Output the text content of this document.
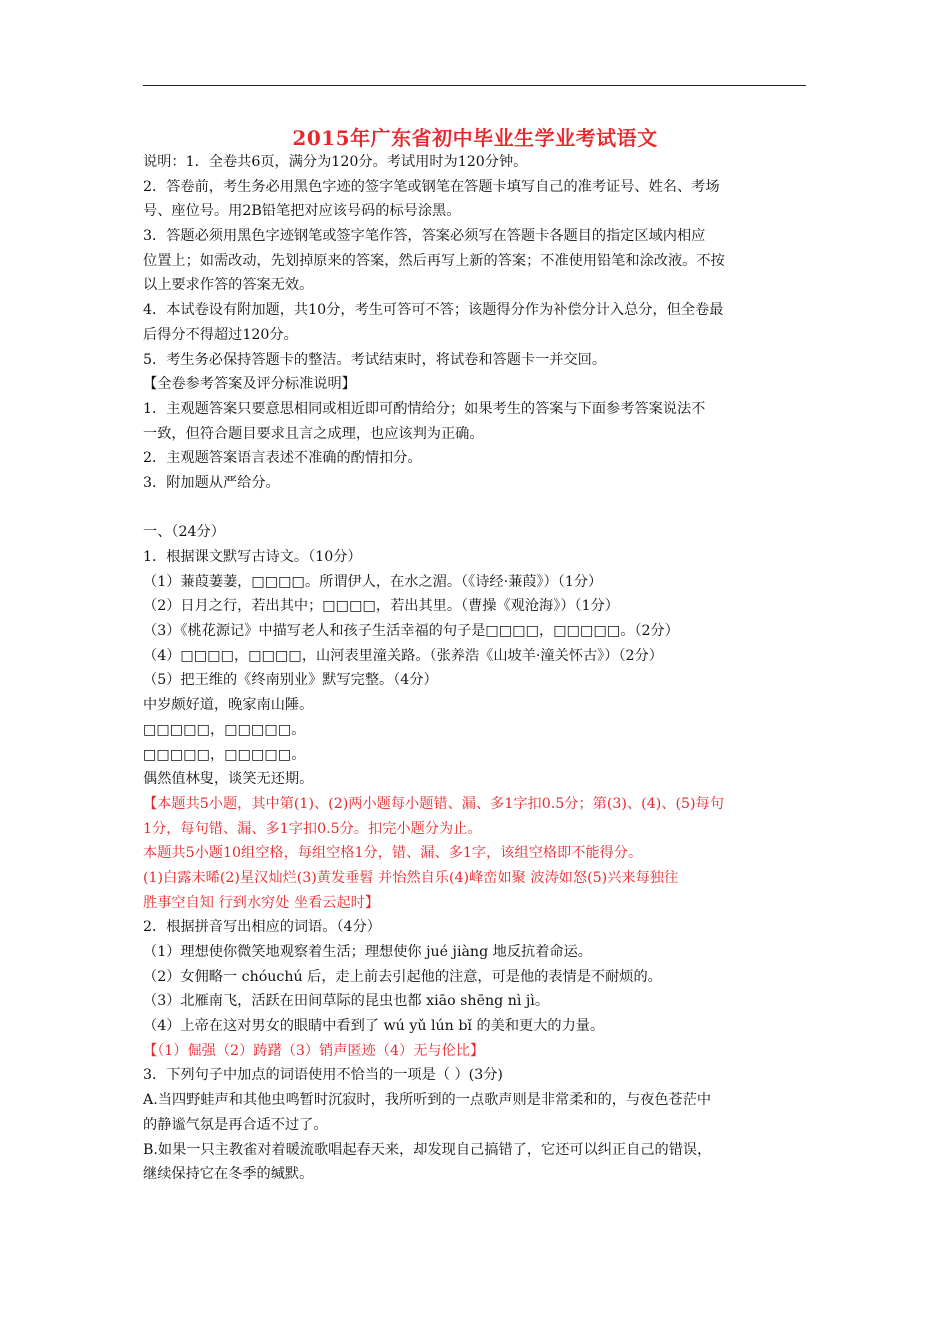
2015年广东省初中毕业生学业考试语文
说明：1．全卷共6页，满分为120分。考试用时为120分钟。
2．答卷前，考生务必用黑色字迹的签字笔或钢笔在答题卡填写自己的准考证号、姓名、考场
号、座位号。用2B铅笔把对应该号码的标号涂黑。
3．答题必须用黑色字迹钢笔或签字笔作答，答案必须写在答题卡各题目的指定区域内相应
位置上；如需改动，先划掉原来的答案，然后再写上新的答案；不准使用铅笔和涂改液。不按
以上要求作答的答案无效。
4．本试卷设有附加题，共10分，考生可答可不答；该题得分作为补偿分计入总分，但全卷最
后得分不得超过120分。
5．考生务必保持答题卡的整洁。考试结束时，将试卷和答题卡一并交回。
【全卷参考答案及评分标准说明】
1．主观题答案只要意思相同或相近即可酌情给分；如果考生的答案与下面参考答案说法不
一致，但符合题目要求且言之成理，也应该判为正确。
2．主观题答案语言表述不准确的酌情扣分。
3．附加题从严给分。
一、（24分）
1．根据课文默写古诗文。（10分）
（1）蒹葭萋萋，□□□□。所谓伊人，在水之湄。（《诗经·蒹葭》）（1分）
（2）日月之行，若出其中；□□□□，若出其里。（曹操《观沧海》）（1分）
（3）《桃花源记》中描写老人和孩子生活幸福的句子是□□□□，□□□□□。（2分）
（4）□□□□，□□□□，山河表里潼关路。（张养浩《山坡羊·潼关怀古》）（2分）
（5）把王维的《终南别业》默写完整。（4分）
中岁颇好道，晚家南山陲。
□□□□□，□□□□□。
□□□□□，□□□□□。
偶然值林叟，谈笑无还期。
【本题共5小题，其中第(1)、(2)两小题每小题错、漏、多1字扣0.5分；第(3)、(4)、(5)每句
1分，每句错、漏、多1字扣0.5分。扣完小题分为止。
本题共5小题10组空格，每组空格1分，错、漏、多1字，该组空格即不能得分。
(1)白露未晞(2)星汉灿烂(3)黄发垂髫 并怡然自乐(4)峰峦如聚 波涛如怒(5)兴来每独往
胜事空自知 行到水穷处 坐看云起时】
2．根据拼音写出相应的词语。（4分）
（1）理想使你微笑地观察着生活；理想使你 jué jiàng 地反抗着命运。
（2）女佣略一 chóuchú 后，走上前去引起他的注意，可是他的表情是不耐烦的。
（3）北雁南飞，活跃在田间草际的昆虫也都 xiāo shēng nì jì。
（4）上帝在这对男女的眼睛中看到了 wú yǔ lún bǐ 的美和更大的力量。
【（1）倔强（2）踌躇（3）销声匿迹（4）无与伦比】
3．下列句子中加点的词语使用不恰当的一项是（ ）(3分)
A.当四野蛙声和其他虫鸣暂时沉寂时，我所听到的一点歌声则是非常柔和的，与夜色苍茫中
的静谧气氛是再合适不过了。
B.如果一只主教雀对着暖流歌唱起春天来，却发现自己搞错了，它还可以纠正自己的错误，
继续保持它在冬季的缄默。
